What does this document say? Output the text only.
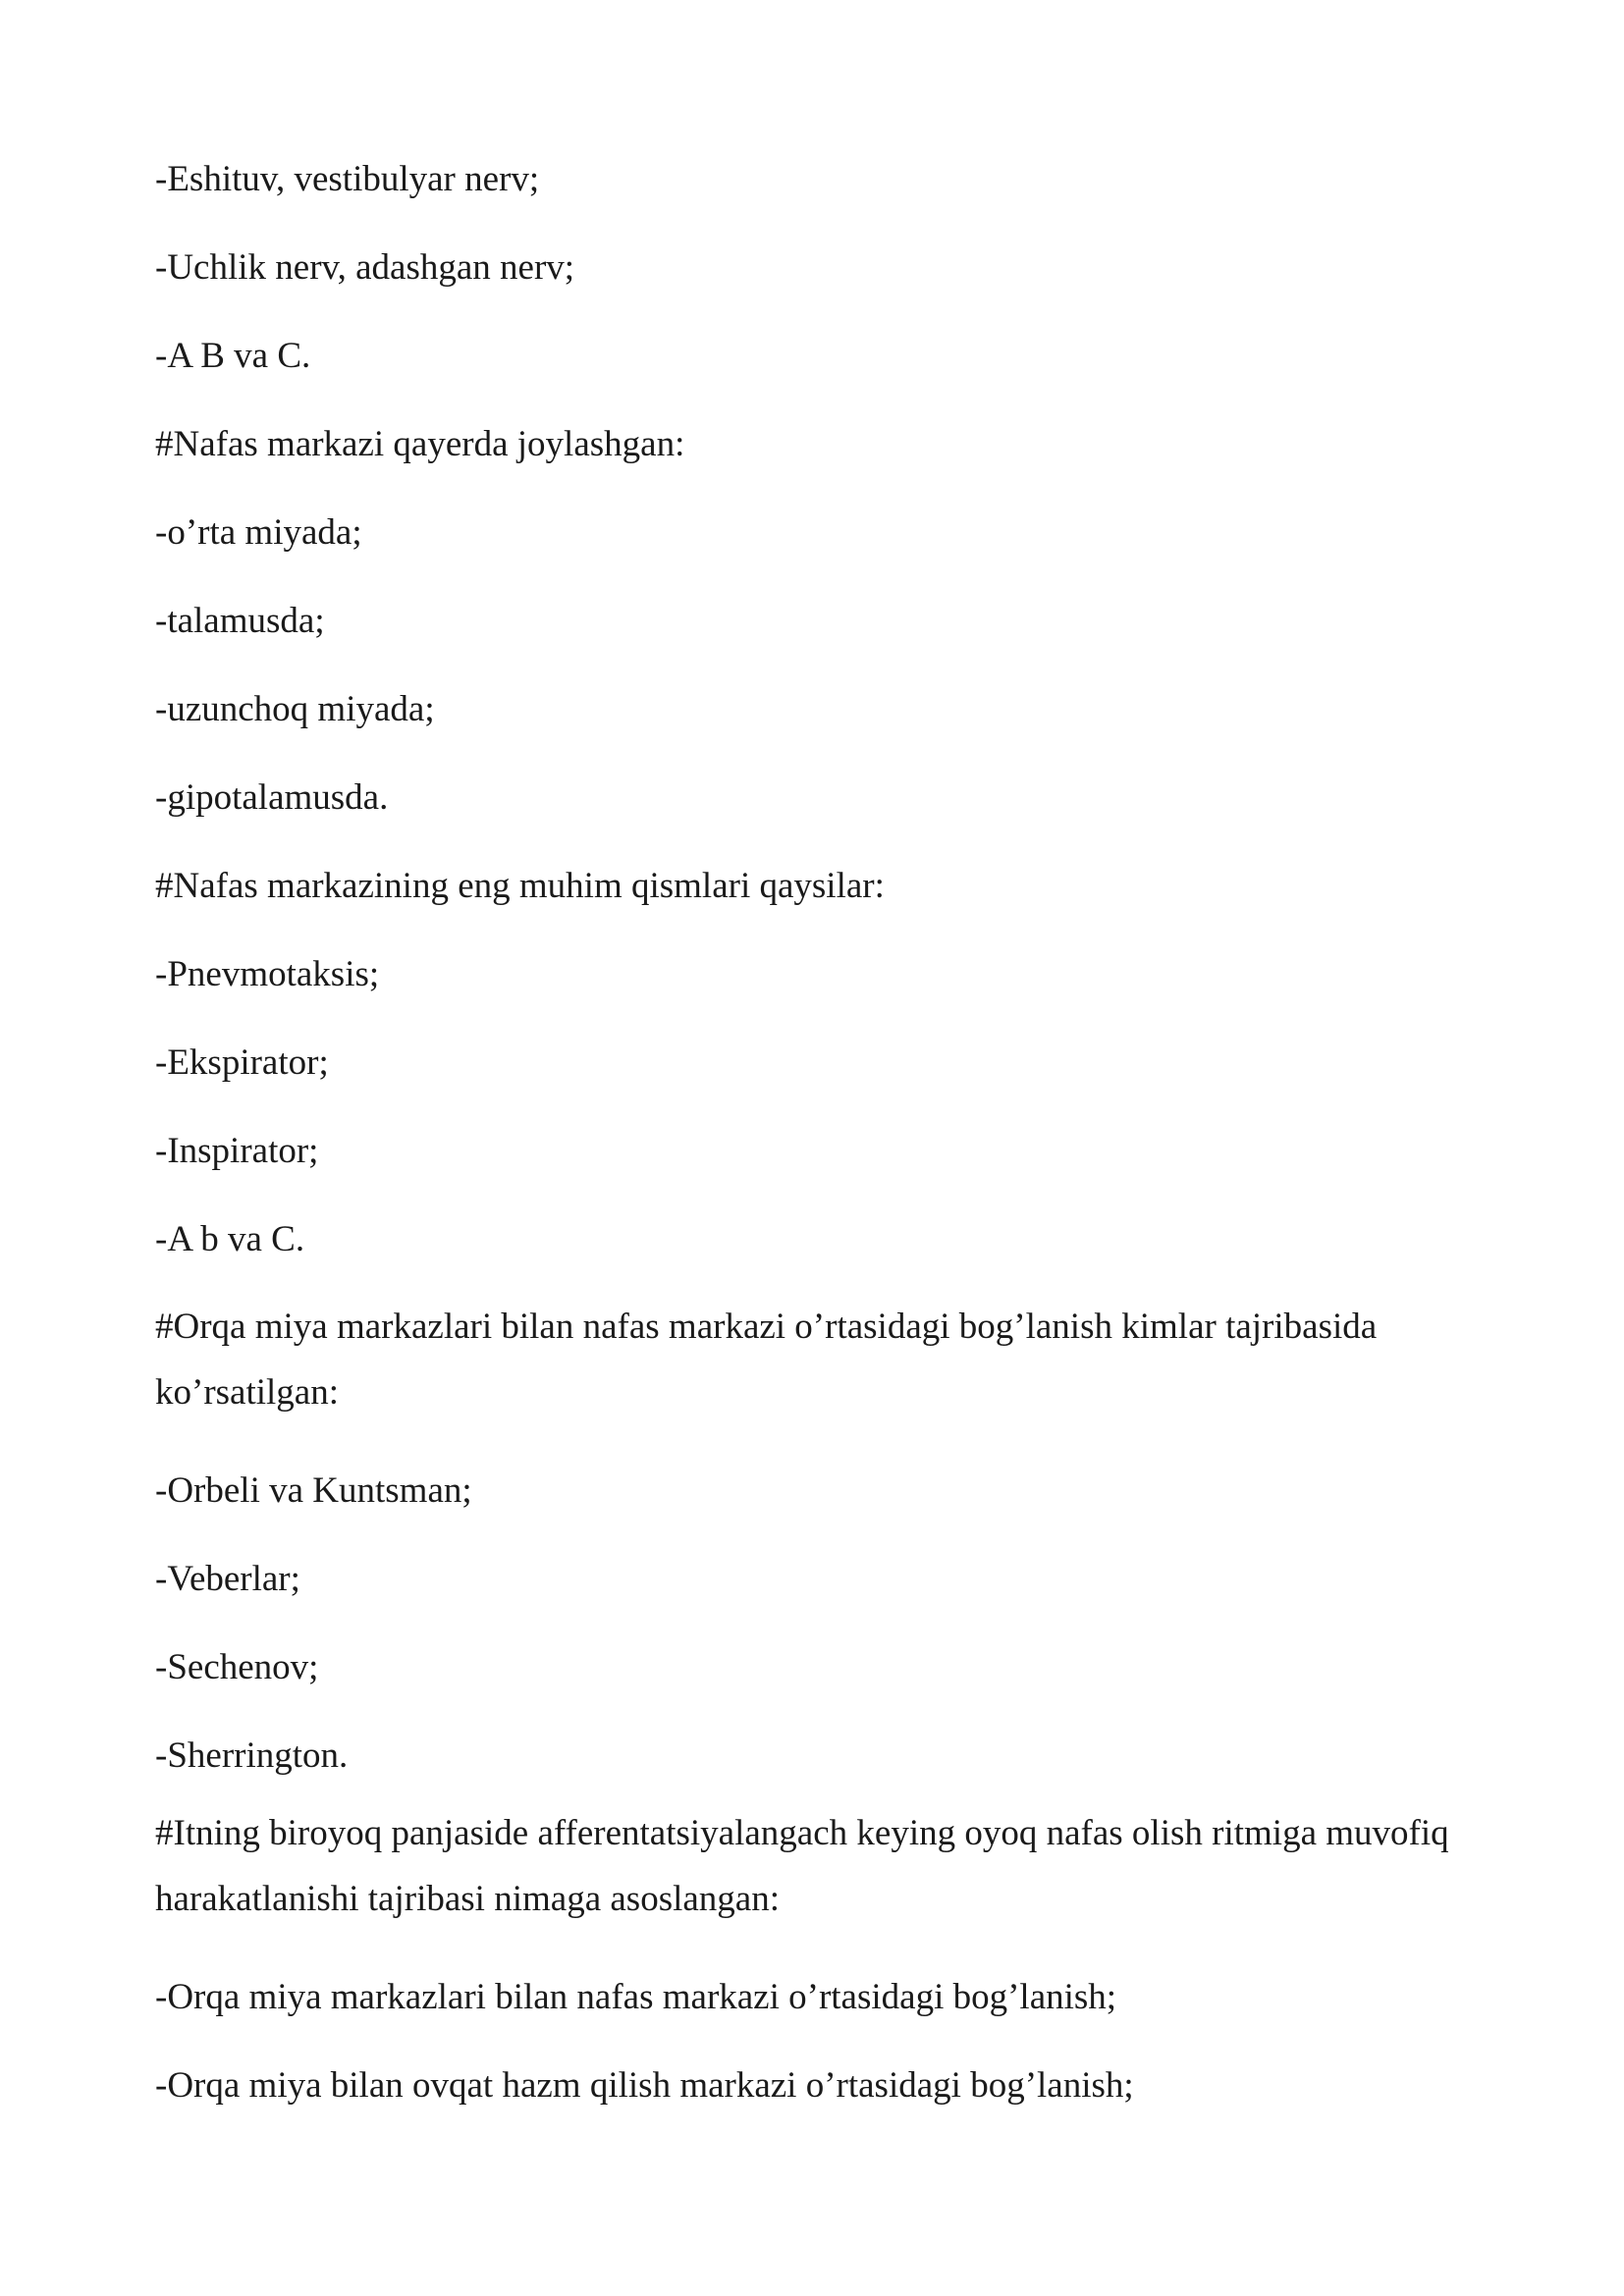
-Eshituv, vestibulyar nerv;

-Uchlik nerv, adashgan nerv;

-A B va C.

#Nafas markazi qayerda joylashgan:

-o’rta miyada;

-talamusda;

-uzunchoq miyada;

-gipotalamusda.

#Nafas markazining eng muhim qismlari qaysilar:

-Pnevmotaksis;

-Ekspirator;

-Inspirator;

-A b va C.

#Orqa miya markazlari bilan nafas markazi o’rtasidagi bog’lanish kimlar tajribasida ko’rsatilgan:

-Orbeli va Kuntsman;

-Veberlar;

-Sechenov;

-Sherrington.

#Itning biroyoq panjaside afferentatsiyalangach keying oyoq nafas olish ritmiga muvofiq harakatlanishi tajribasi nimaga asoslangan:

-Orqa miya markazlari bilan nafas markazi o’rtasidagi bog’lanish;

-Orqa miya bilan ovqat hazm qilish markazi o’rtasidagi bog’lanish;
